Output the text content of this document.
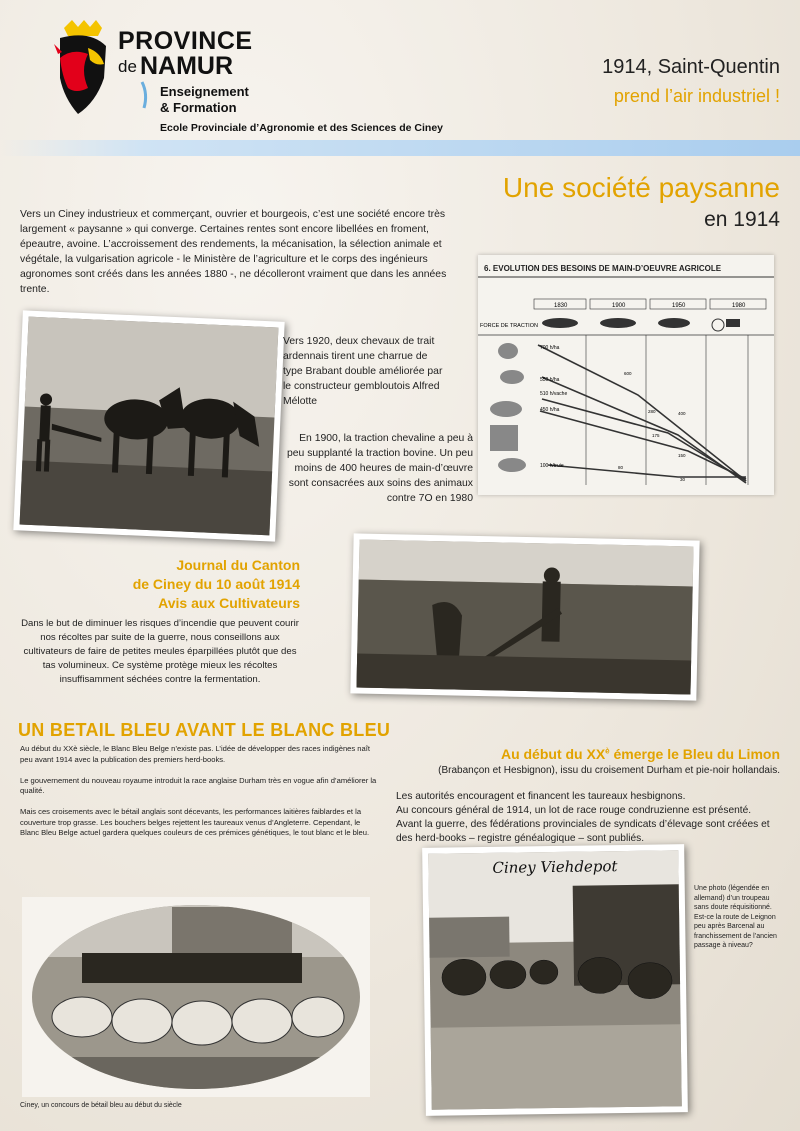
PROVINCE
de NAMUR
Enseignement
& Formation
Ecole Provinciale d’Agronomie et des Sciences de Ciney
1914, Saint-Quentin
prend l’air industriel !
Une société paysanne
en 1914
Vers un Ciney industrieux et commerçant, ouvrier et bourgeois, c’est une société encore très largement « paysanne » qui converge. Certaines rentes sont encore libellées en froment, épeautre, avoine. L’accroissement des rendements, la mécanisation, la sélection animale et végétale, la vulgarisation agricole - le Ministère de l’agriculture et le corps des ingénieurs agronomes sont créés dans les années 1880 -, ne décolleront vraiment que dans les années trente.
6. EVOLUTION DES BESOINS DE MAIN-D’OEUVRE AGRICOLE
1830	1900	1950	1980
FORCE DE TRACTION
700 h/ha
550 h/ha
510 h/vache
450 h/ha
100 h/truie
600
400
280
175
150
80
30
Vers 1920, deux chevaux de trait ardennais tirent une charrue de type Brabant double améliorée par le constructeur gembloutois Alfred Mélotte
En 1900, la traction chevaline a peu à peu supplanté la traction bovine. Un peu moins de 400 heures de main-d’œuvre sont consacrées aux soins des animaux contre 7O en 1980
Journal du Canton
de Ciney du 10 août 1914
Avis aux Cultivateurs
Dans le but de diminuer les risques d’incendie que peuvent courir nos récoltes par suite de la guerre, nous conseillons aux cultivateurs de faire de petites meules éparpillées plutôt que des tas volumineux. Ce système protège mieux les récoltes insuffisamment séchées contre la fermentation.
UN BETAIL BLEU AVANT LE BLANC BLEU

Au début du XXè siècle, le Blanc Bleu Belge n’existe pas. L’idée de développer des races indigènes naît peu avant 1914 avec la publication des premiers herd-books.

Le gouvernement du nouveau royaume introduit la race anglaise Durham très en vogue afin d’améliorer la qualité.

Mais ces croisements avec le bétail anglais sont décevants, les performances laitières faiblardes et la couverture trop grasse. Les bouchers belges rejettent les taureaux venus d’Angleterre. Cependant, le Blanc Bleu Belge actuel gardera quelques couleurs de ces prémices génétiques, le tout blanc et le bleu.

Au début du $XX^è$ émerge le Bleu du Limon
(Brabançon et Hesbignon), issu du croisement Durham et pie-noir hollandais.

Les autorités encouragent et financent les taureaux hesbignons.

Au concours général de 1914, un lot de race rouge condruzienne est présenté.

Avant la guerre, des fédérations provinciales de syndicats d’élevage sont créées et des herd-books – registre généalogique – sont publiés.

Ciney, un concours de bétail bleu au début du siècle
Ciney Viehdepot
Une photo (légendée en allemand) d’un troupeau sans doute réquisitionné. Est-ce la route de Leignon peu après Barcenal au franchissement de l’ancien passage à niveau?
